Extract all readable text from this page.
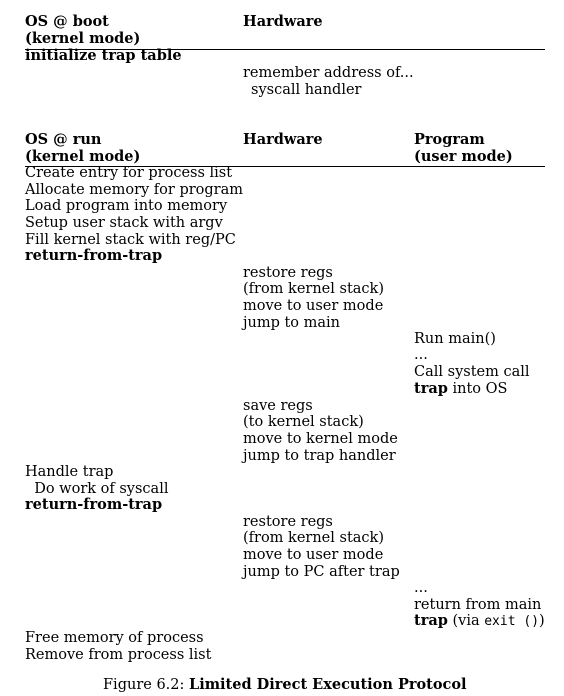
OS @ boot
(kernel mode)
Hardware
initialize trap table
remember address of...
syscall handler
OS @ run
(kernel mode)
Hardware	Program
(user mode)
Create entry for process list
Allocate memory for program
Load program into memory
Setup user stack with argv
Fill kernel stack with reg/PC
return-from-trap
restore regs
(from kernel stack)
move to user mode
jump to main
Run main()
...
Call system call
trap into OS
save regs
(to kernel stack)
move to kernel mode
jump to trap handler
Handle trap
Do work of syscall
return-from-trap
restore regs
(from kernel stack)
move to user mode
jump to PC after trap
...
return from main
trap (via exit ())
Free memory of process
Remove from process list
Figure 6.2: Limited Direct Execution Protocol
